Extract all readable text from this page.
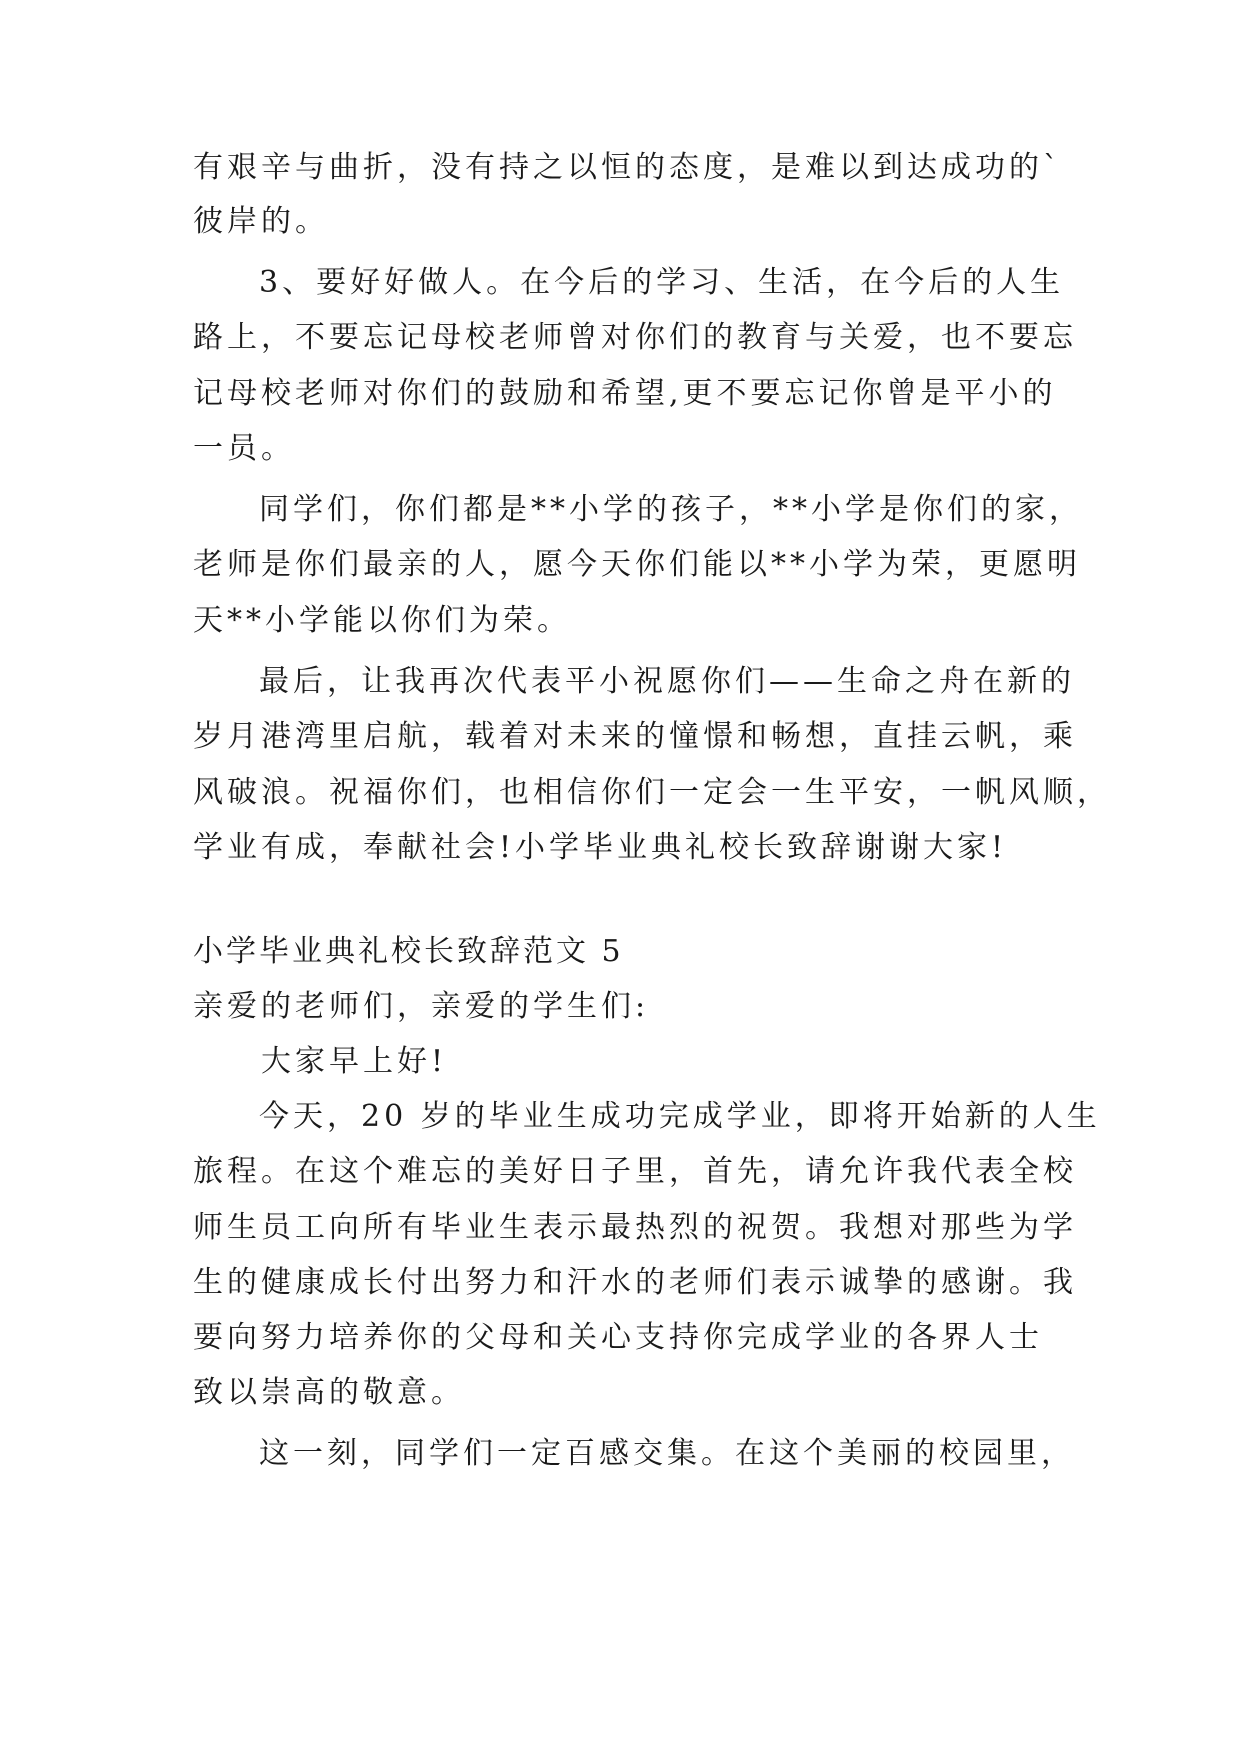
有艰辛与曲折，没有持之以恒的态度，是难以到达成功的`

彼岸的。

3、要好好做人。在今后的学习、生活，在今后的人生

路上，不要忘记母校老师曾对你们的教育与关爱，也不要忘

记母校老师对你们的鼓励和希望,更不要忘记你曾是平小的

一员。

同学们，你们都是**小学的孩子，**小学是你们的家，

老师是你们最亲的人，愿今天你们能以**小学为荣，更愿明

天**小学能以你们为荣。

最后，让我再次代表平小祝愿你们——生命之舟在新的

岁月港湾里启航，载着对未来的憧憬和畅想，直挂云帆，乘

风破浪。祝福你们，也相信你们一定会一生平安，一帆风顺，

学业有成，奉献社会!小学毕业典礼校长致辞谢谢大家!

小学毕业典礼校长致辞范文 5

亲爱的老师们，亲爱的学生们:

大家早上好!

今天，20 岁的毕业生成功完成学业，即将开始新的人生

旅程。在这个难忘的美好日子里，首先，请允许我代表全校

师生员工向所有毕业生表示最热烈的祝贺。我想对那些为学

生的健康成长付出努力和汗水的老师们表示诚挚的感谢。我

要向努力培养你的父母和关心支持你完成学业的各界人士

致以崇高的敬意。

这一刻，同学们一定百感交集。在这个美丽的校园里，
